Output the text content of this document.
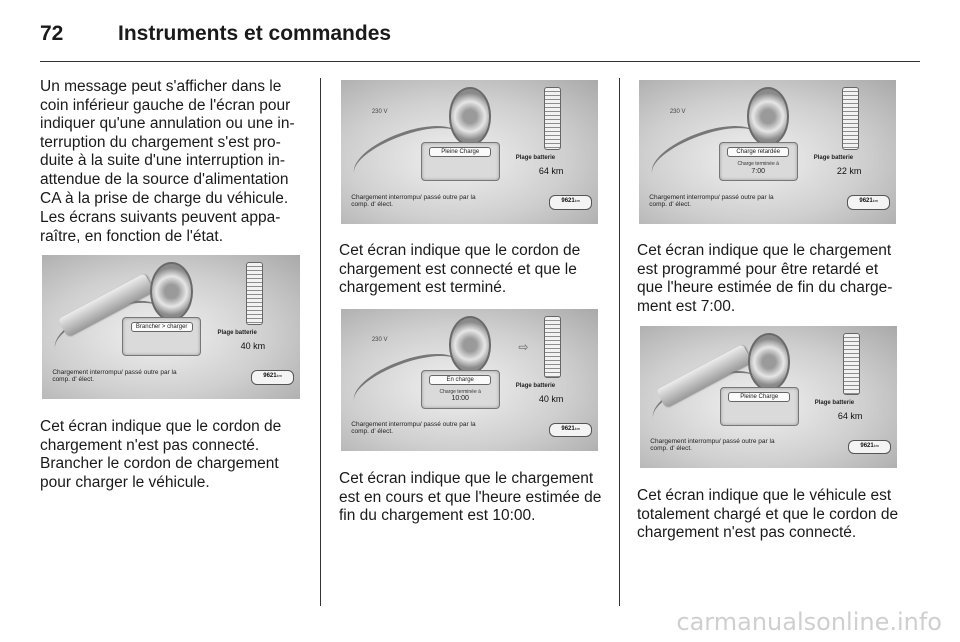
72	Instruments et commandes

Un message peut s'afficher dans le coin inférieur gauche de l'écran pour indiquer qu'une annulation ou une in-terruption du chargement s'est pro-duite à la suite d'une interruption in-attendue de la source d'alimentation CA à la prise de charge du véhicule.

Les écrans suivants peuvent appa-raître, en fonction de l'état.

Brancher > charger
Plage batterie
40 km
Chargement interrompu/ passé outre par la comp. d' élect.	9621km

Cet écran indique que le cordon de chargement n'est pas connecté. Brancher le cordon de chargement pour charger le véhicule.

230 V
Pleine Charge
Plage batterie
64 km
Chargement interrompu/ passé outre par la comp. d' élect.	9621km

Cet écran indique que le cordon de chargement est connecté et que le chargement est terminé.

230 V	⇨
En charge
Charge terminée à
10:00
Plage batterie
40 km
Chargement interrompu/ passé outre par la comp. d' élect.	9621km

Cet écran indique que le chargement est en cours et que l'heure estimée de fin du chargement est 10:00.

230 V
Charge retardée
Charge terminée à
7:00
Plage batterie
22 km
Chargement interrompu/ passé outre par la comp. d' élect.	9621km

Cet écran indique que le chargement est programmé pour être retardé et que l'heure estimée de fin du charge-ment est 7:00.

Pleine Charge
Plage batterie
64 km
Chargement interrompu/ passé outre par la comp. d' élect.	9621km

Cet écran indique que le véhicule est totalement chargé et que le cordon de chargement n'est pas connecté.

carmanualsonline.info
